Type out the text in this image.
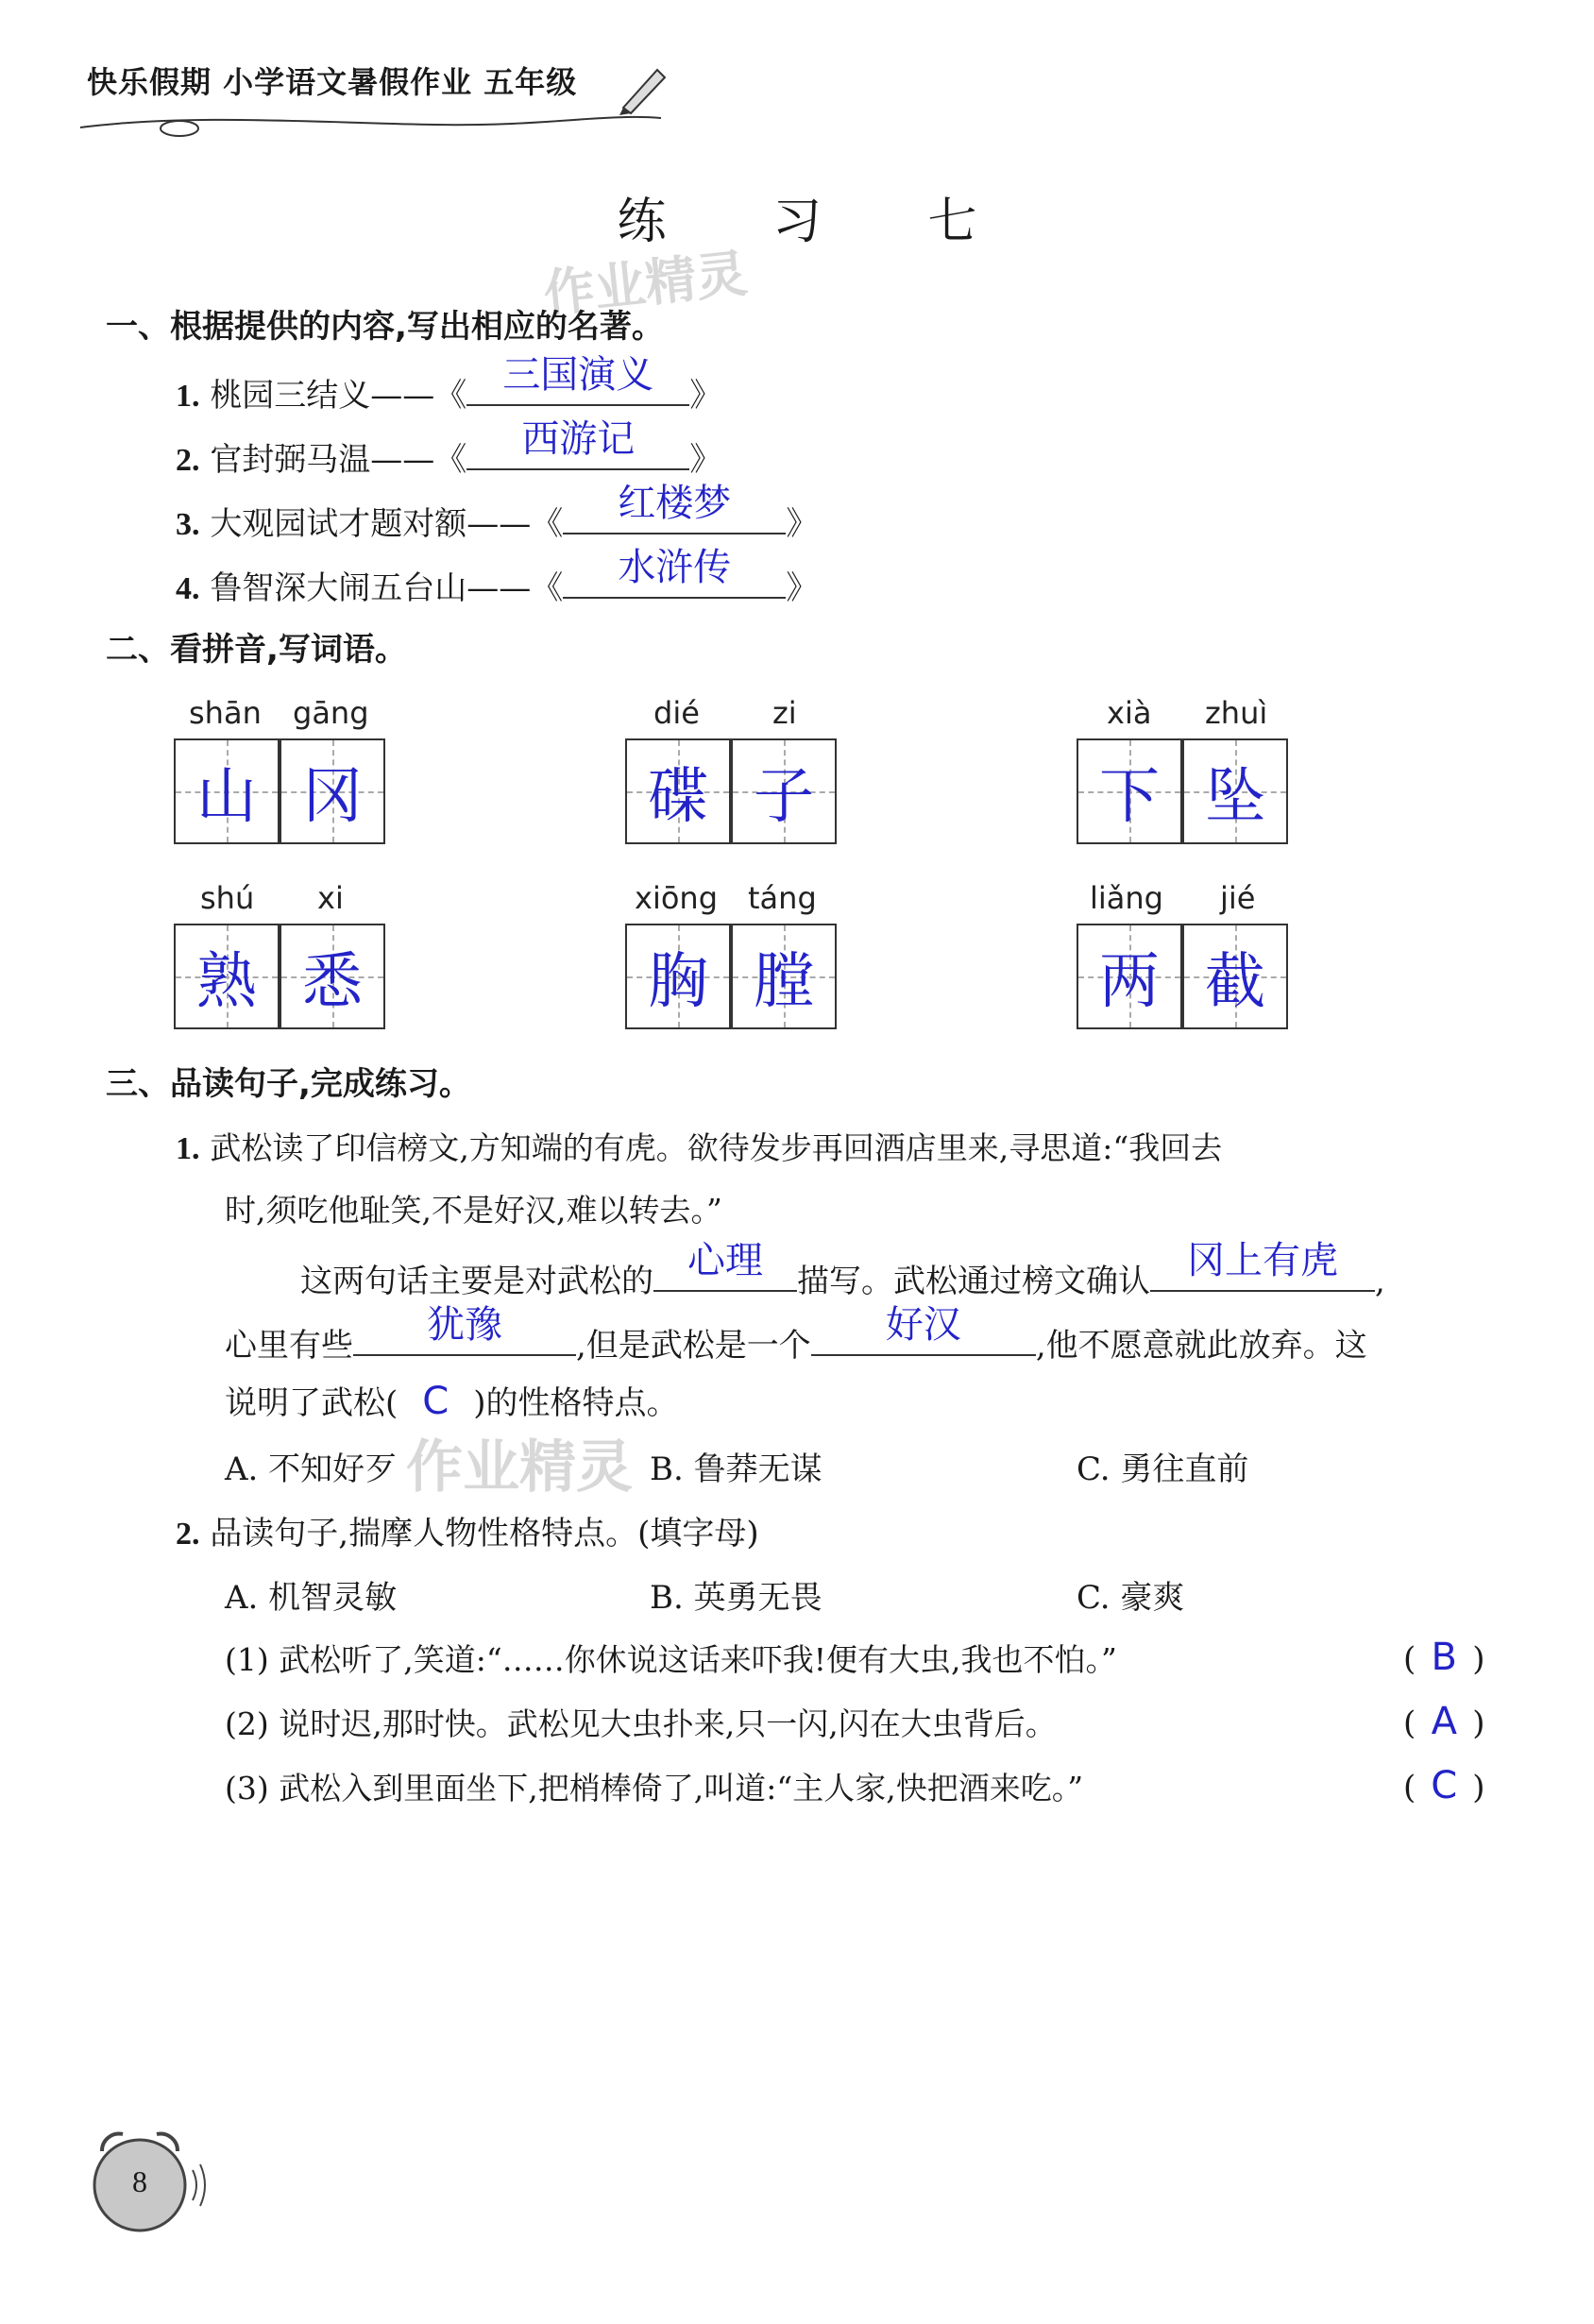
快乐假期 小学语文暑假作业 五年级
练 习 七
作业精灵
一、根据提供的内容,写出相应的名著。
1. 桃园三结义——《 三国演义	》
2. 官封弼马温——《	西游记	》
3. 大观园试才题对额——《	红楼梦	》
4. 鲁智深大闹五台山——《	水浒传	》
二、看拼音,写词语。
shān gāng
山 冈
dié zi
碟 子
xià zhuì
下 坠
shú xi
熟 悉
xiōng táng
胸 膛
liǎng jié
两 截
三、品读句子,完成练习。
1. 武松读了印信榜文,方知端的有虎。欲待发步再回酒店里来,寻思道:“我回去
时,须吃他耻笑,不是好汉,难以转去。”
这两句话主要是对武松的 心理	描写。武松通过榜文确认 冈上有虎	,
心里有些	犹豫	,但是武松是一个	好汉	,他不愿意就此放弃。这
说明了武松( C )的性格特点。
A. 不知好歹	B. 鲁莽无谋	C. 勇往直前
作业精灵
2. 品读句子,揣摩人物性格特点。(填字母)
A. 机智灵敏	B. 英勇无畏	C. 豪爽
(1) 武松听了,笑道:“……你休说这话来吓我!便有大虫,我也不怕。”	( B )
(2) 说时迟,那时快。武松见大虫扑来,只一闪,闪在大虫背后。	( A )
(3) 武松入到里面坐下,把梢棒倚了,叫道:“主人家,快把酒来吃。”	( C )
8
